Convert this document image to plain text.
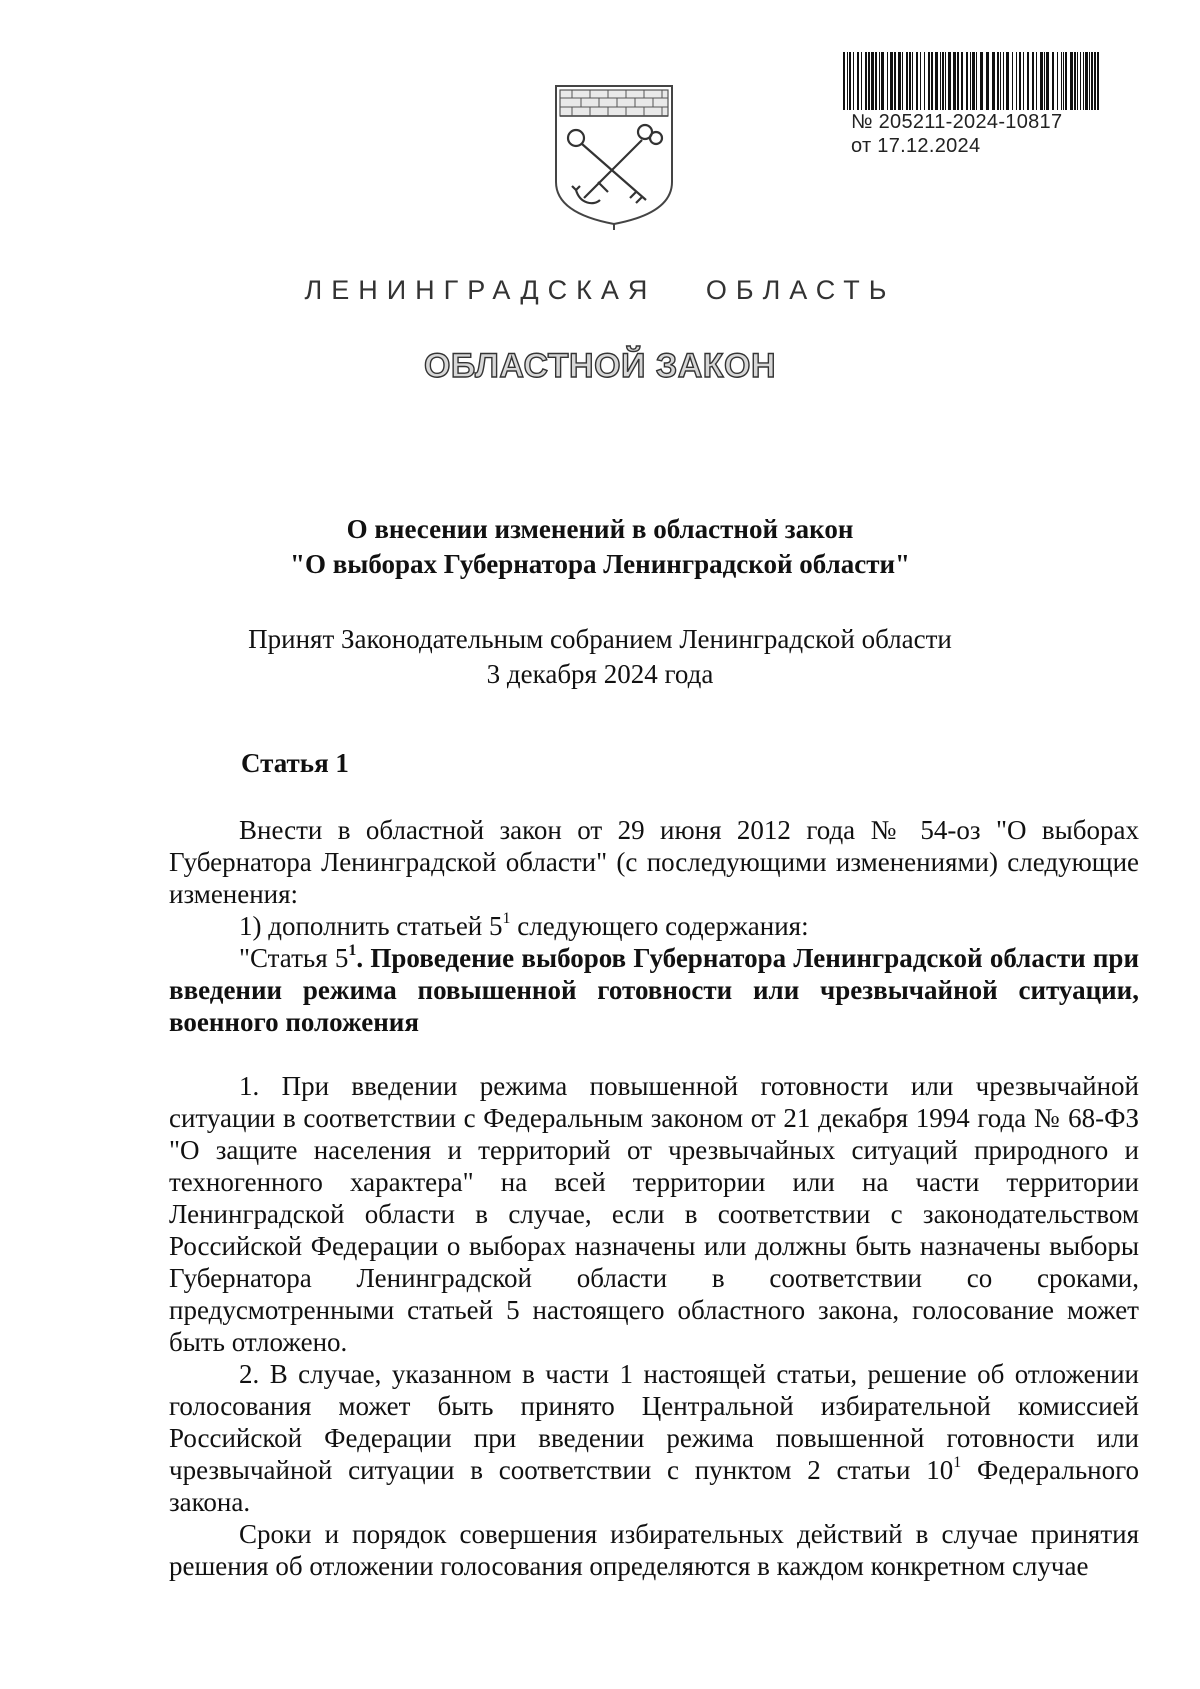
№ 205211-2024-10817
от 17.12.2024
ЛЕНИНГРАДСКАЯ   ОБЛАСТЬ
ОБЛАСТНОЙ ЗАКОН
О внесении изменений в областной закон
"О выборах Губернатора Ленинградской области"
Принят Законодательным собранием Ленинградской области
3 декабря 2024 года
Статья 1

Внести в областной закон от 29 июня 2012 года № 54-оз "О выборах Губернатора Ленинградской области" (с последующими изменениями) следующие изменения:

1) дополнить статьей $5^1$ следующего содержания:

"Статья $5^1$. Проведение выборов Губернатора Ленинградской области при введении режима повышенной готовности или чрезвычайной ситуации, военного положения

1. При введении режима повышенной готовности или чрезвычайной ситуации в соответствии с Федеральным законом от 21 декабря 1994 года № 68-ФЗ "О защите населения и территорий от чрезвычайных ситуаций природного и техногенного характера" на всей территории или на части территории Ленинградской области в случае, если в соответствии с законодательством Российской Федерации о выборах назначены или должны быть назначены выборы Губернатора Ленинградской области в соответствии со сроками, предусмотренными статьей 5 настоящего областного закона, голосование может быть отложено.

2. В случае, указанном в части 1 настоящей статьи, решение об отложении голосования может быть принято Центральной избирательной комиссией Российской Федерации при введении режима повышенной готовности или чрезвычайной ситуации в соответствии с пунктом 2 статьи $10^1$ Федерального закона.

Сроки и порядок совершения избирательных действий в случае принятия решения об отложении голосования определяются в каждом конкретном случае
